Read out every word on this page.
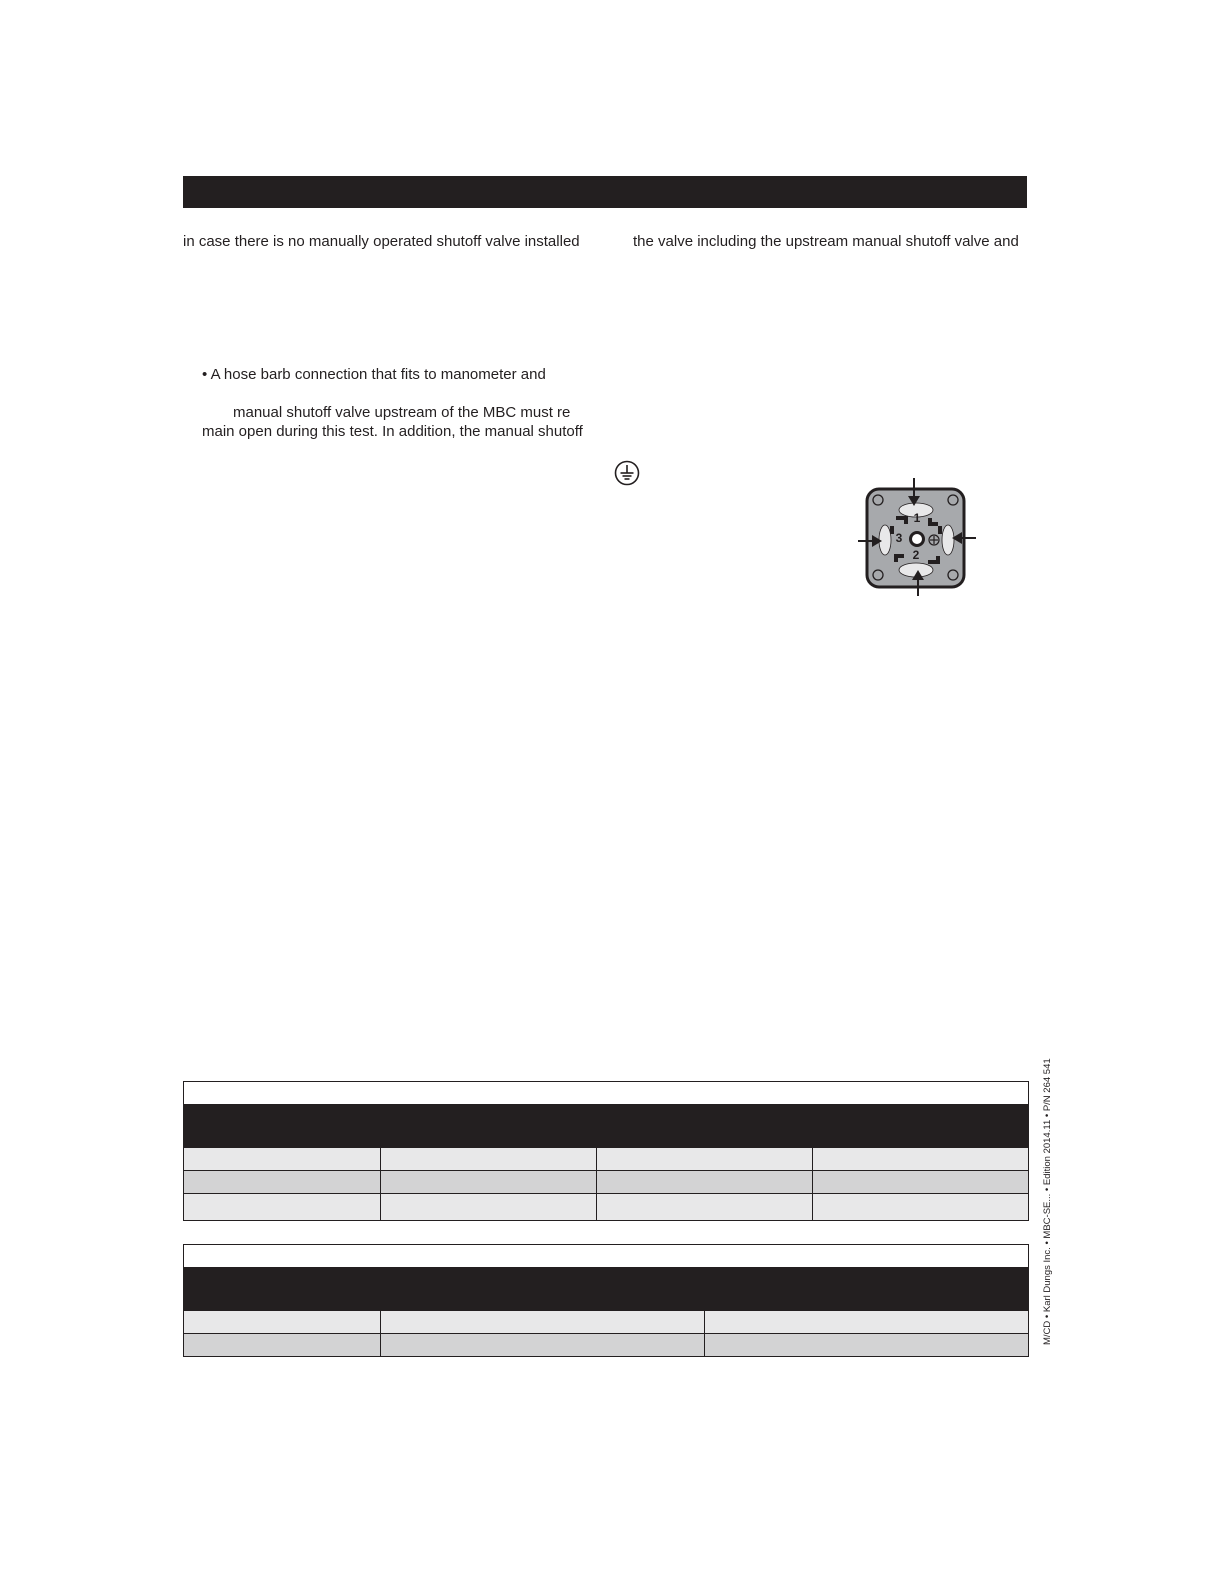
in case there is no manually operated shutoff valve installed	the valve including the upstream manual shutoff valve and
• A hose barb connection that fits to manometer and
manual shutoff valve upstream of the MBC must re
main open during this test. In addition, the manual shutoff
1
2
3

M/CD • Karl Dungs Inc. • MBC-SE... • Edition 2014.11 • P/N 264 541
